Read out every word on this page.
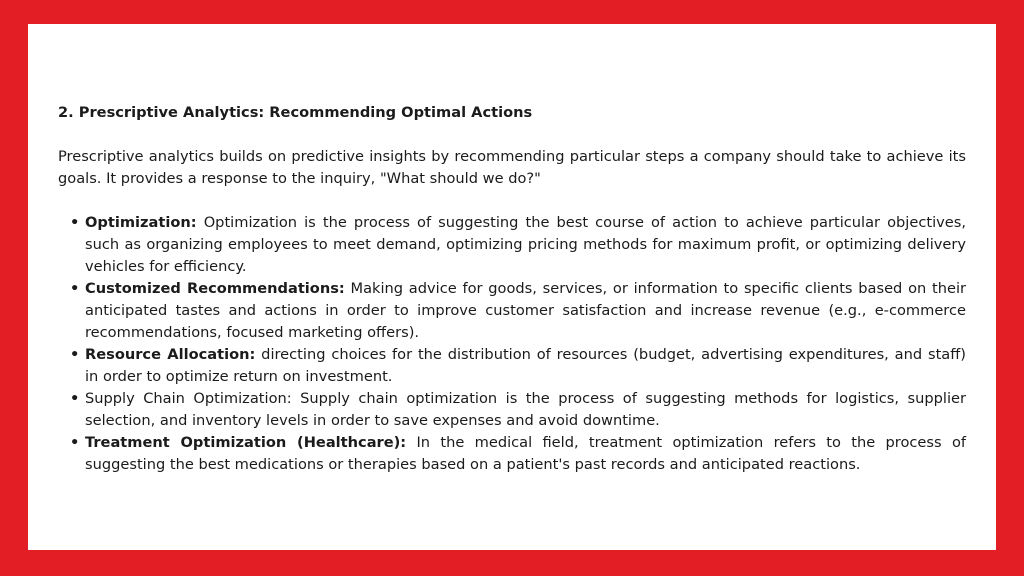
2. Prescriptive Analytics: Recommending Optimal Actions

Prescriptive analytics builds on predictive insights by recommending particular steps a company should take to achieve its goals. It provides a response to the inquiry, "What should we do?"

• Optimization: Optimization is the process of suggesting the best course of action to achieve particular objectives, such as organizing employees to meet demand, optimizing pricing methods for maximum profit, or optimizing delivery vehicles for efficiency.
• Customized Recommendations: Making advice for goods, services, or information to specific clients based on their anticipated tastes and actions in order to improve customer satisfaction and increase revenue (e.g., e-commerce recommendations, focused marketing offers).
• Resource Allocation: directing choices for the distribution of resources (budget, advertising expenditures, and staff) in order to optimize return on investment.
• Supply Chain Optimization: Supply chain optimization is the process of suggesting methods for logistics, supplier selection, and inventory levels in order to save expenses and avoid downtime.
• Treatment Optimization (Healthcare): In the medical field, treatment optimization refers to the process of suggesting the best medications or therapies based on a patient's past records and anticipated reactions.
